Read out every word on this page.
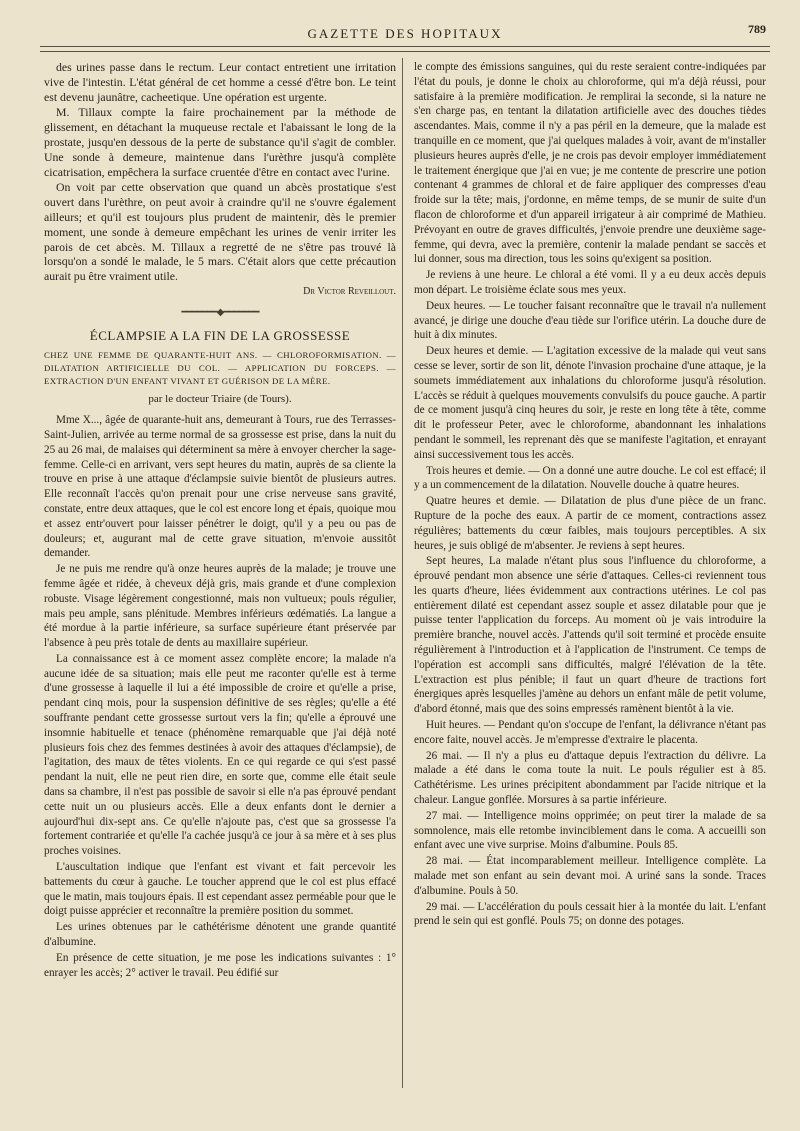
GAZETTE DES HOPITAUX	789

des urines passe dans le rectum. Leur contact entretient une irritation vive de l'intestin. L'état général de cet homme a cessé d'être bon. Le teint est devenu jaunâtre, cacheetique. Une opération est urgente.

M. Tillaux compte la faire prochainement par la méthode de glissement, en détachant la muqueuse rectale et l'abaissant le long de la prostate, jusqu'en dessous de la perte de substance qu'il s'agit de combler. Une sonde à demeure, maintenue dans l'urèthre jusqu'à complète cicatrisation, empêchera la surface cruentée d'être en contact avec l'urine.

On voit par cette observation que quand un abcès prostatique s'est ouvert dans l'urèthre, on peut avoir à craindre qu'il ne s'ouvre également ailleurs; et qu'il est toujours plus prudent de maintenir, dès le premier moment, une sonde à demeure empêchant les urines de venir irriter les parois de cet abcès. M. Tillaux a regretté de ne s'être pas trouvé là lorsqu'on a sondé le malade, le 5 mars. C'était alors que cette précaution aurait pu être vraiment utile.

Dr Victor Reveillout.
━━━━━━━◆━━━━━━━
ÉCLAMPSIE A LA FIN DE LA GROSSESSE
CHEZ UNE FEMME DE QUARANTE-HUIT ANS. — CHLOROFORMISATION. — DILATATION ARTIFICIELLE DU COL. — APPLICATION DU FORCEPS. — EXTRACTION D'UN ENFANT VIVANT ET GUÉRISON DE LA MÈRE.
par le docteur Triaire (de Tours).

Mme X..., âgée de quarante-huit ans, demeurant à Tours, rue des Terrasses-Saint-Julien, arrivée au terme normal de sa grossesse est prise, dans la nuit du 25 au 26 mai, de malaises qui déterminent sa mère à envoyer chercher la sage-femme. Celle-ci en arrivant, vers sept heures du matin, auprès de sa cliente la trouve en prise à une attaque d'éclampsie suivie bientôt de plusieurs autres. Elle reconnaît l'accès qu'on prenait pour une crise nerveuse sans gravité, constate, entre deux attaques, que le col est encore long et épais, quoique mou et assez entr'ouvert pour laisser pénétrer le doigt, qu'il y a peu ou pas de douleurs; et, augurant mal de cette grave situation, m'envoie aussitôt demander.

Je ne puis me rendre qu'à onze heures auprès de la malade; je trouve une femme âgée et ridée, à cheveux déjà gris, mais grande et d'une complexion robuste. Visage légèrement congestionné, mais non vultueux; pouls régulier, mais peu ample, sans plénitude. Membres inférieurs œdématiés. La langue a été mordue à la partie inférieure, sa surface supérieure étant préservée par l'absence à peu près totale de dents au maxillaire supérieur.

La connaissance est à ce moment assez complète encore; la malade n'a aucune idée de sa situation; mais elle peut me raconter qu'elle est à terme d'une grossesse à laquelle il lui a été impossible de croire et qu'elle a prise, pendant cinq mois, pour la suspension définitive de ses règles; qu'elle a été souffrante pendant cette grossesse surtout vers la fin; qu'elle a éprouvé une insomnie habituelle et tenace (phénomène remarquable que j'ai déjà noté plusieurs fois chez des femmes destinées à avoir des attaques d'éclampsie), de l'agitation, des maux de têtes violents. En ce qui regarde ce qui s'est passé pendant la nuit, elle ne peut rien dire, en sorte que, comme elle était seule dans sa chambre, il n'est pas possible de savoir si elle n'a pas éprouvé pendant cette nuit un ou plusieurs accès. Elle a deux enfants dont le dernier a aujourd'hui dix-sept ans. Ce qu'elle n'ajoute pas, c'est que sa grossesse l'a fortement contrariée et qu'elle l'a cachée jusqu'à ce jour à sa mère et à ses plus proches voisines.

L'auscultation indique que l'enfant est vivant et fait percevoir les battements du cœur à gauche. Le toucher apprend que le col est plus effacé que le matin, mais toujours épais. Il est cependant assez perméable pour que le doigt puisse apprécier et reconnaître la première position du sommet.

Les urines obtenues par le cathétérisme dénotent une grande quantité d'albumine.

En présence de cette situation, je me pose les indications suivantes : 1° enrayer les accès; 2° activer le travail. Peu édifié sur

le compte des émissions sanguines, qui du reste seraient contre-indiquées par l'état du pouls, je donne le choix au chloroforme, qui m'a déjà réussi, pour satisfaire à la première modification. Je remplirai la seconde, si la nature ne s'en charge pas, en tentant la dilatation artificielle avec des douches tièdes ascendantes. Mais, comme il n'y a pas péril en la demeure, que la malade est tranquille en ce moment, que j'ai quelques malades à voir, avant de m'installer plusieurs heures auprès d'elle, je ne crois pas devoir employer immédiatement le traitement énergique que j'ai en vue; je me contente de prescrire une potion contenant 4 grammes de chloral et de faire appliquer des compresses d'eau froide sur la tête; mais, j'ordonne, en même temps, de se munir de suite d'un flacon de chloroforme et d'un appareil irrigateur à air comprimé de Mathieu. Prévoyant en outre de graves difficultés, j'envoie prendre une deuxième sage-femme, qui devra, avec la première, contenir la malade pendant se saccès et lui donner, sous ma direction, tous les soins qu'exigent sa position.

Je reviens à une heure. Le chloral a été vomi. Il y a eu deux accès depuis mon départ. Le troisième éclate sous mes yeux.

Deux heures. — Le toucher faisant reconnaître que le travail n'a nullement avancé, je dirige une douche d'eau tiède sur l'orifice utérin. La douche dure de huit à dix minutes.

Deux heures et demie. — L'agitation excessive de la malade qui veut sans cesse se lever, sortir de son lit, dénote l'invasion prochaine d'une attaque, je la soumets immédiatement aux inhalations du chloroforme jusqu'à résolution. L'accès se réduit à quelques mouvements convulsifs du pouce gauche. A partir de ce moment jusqu'à cinq heures du soir, je reste en long tête à tête, comme dit le professeur Peter, avec le chloroforme, abandonnant les inhalations pendant le sommeil, les reprenant dès que se manifeste l'agitation, et enrayant ainsi successivement tous les accès.

Trois heures et demie. — On a donné une autre douche. Le col est effacé; il y a un commencement de la dilatation. Nouvelle douche à quatre heures.

Quatre heures et demie. — Dilatation de plus d'une pièce de un franc. Rupture de la poche des eaux. A partir de ce moment, contractions assez régulières; battements du cœur faibles, mais toujours perceptibles. A six heures, je suis obligé de m'absenter. Je reviens à sept heures.

Sept heures, La malade n'étant plus sous l'influence du chloroforme, a éprouvé pendant mon absence une série d'attaques. Celles-ci reviennent tous les quarts d'heure, liées évidemment aux contractions utérines. Le col pas entièrement dilaté est cependant assez souple et assez dilatable pour que je puisse tenter l'application du forceps. Au moment où je vais introduire la première branche, nouvel accès. J'attends qu'il soit terminé et procède ensuite régulièrement à l'introduction et à l'application de l'instrument. Ce temps de l'opération est accompli sans difficultés, malgré l'élévation de la tête. L'extraction est plus pénible; il faut un quart d'heure de tractions fort énergiques après lesquelles j'amène au dehors un enfant mâle de petit volume, d'abord étonné, mais que des soins empressés ramènent bientôt à la vie.

Huit heures. — Pendant qu'on s'occupe de l'enfant, la délivrance n'étant pas encore faite, nouvel accès. Je m'empresse d'extraire le placenta.

26 mai. — Il n'y a plus eu d'attaque depuis l'extraction du délivre. La malade a été dans le coma toute la nuit. Le pouls régulier est à 85. Cathétérisme. Les urines précipitent abondamment par l'acide nitrique et la chaleur. Langue gonflée. Morsures à sa partie inférieure.

27 mai. — Intelligence moins opprimée; on peut tirer la malade de sa somnolence, mais elle retombe invinciblement dans le coma. A accueilli son enfant avec une vive surprise. Moins d'albumine. Pouls 85.

28 mai. — État incomparablement meilleur. Intelligence complète. La malade met son enfant au sein devant moi. A uriné sans la sonde. Traces d'albumine. Pouls à 50.

29 mai. — L'accélération du pouls cessait hier à la montée du lait. L'enfant prend le sein qui est gonflé. Pouls 75; on donne des potages.
